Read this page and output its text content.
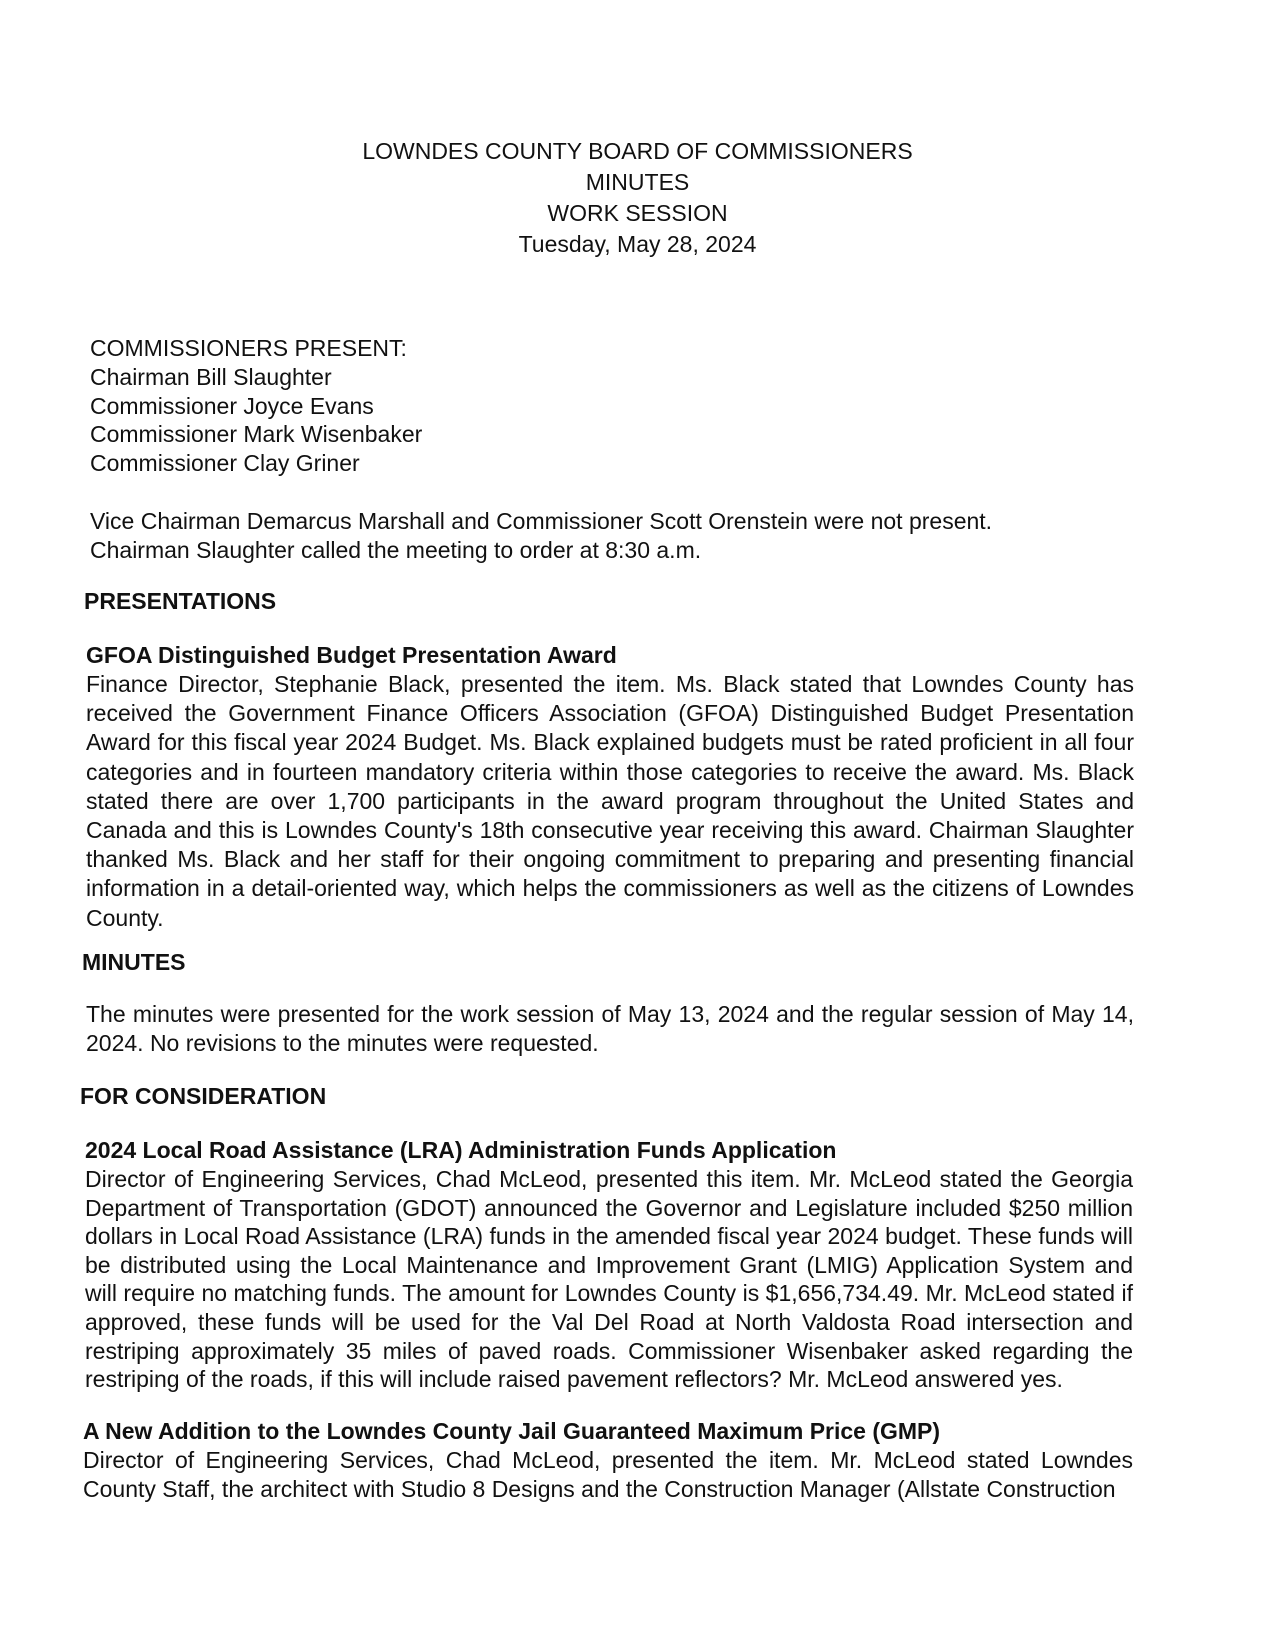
LOWNDES COUNTY BOARD OF COMMISSIONERS
MINUTES
WORK SESSION
Tuesday, May 28, 2024

COMMISSIONERS PRESENT:

Chairman Bill Slaughter

Commissioner Joyce Evans

Commissioner Mark Wisenbaker

Commissioner Clay Griner

Vice Chairman Demarcus Marshall and Commissioner Scott Orenstein were not present.

Chairman Slaughter called the meeting to order at 8:30 a.m.

PRESENTATIONS

GFOA Distinguished Budget Presentation Award

Finance Director, Stephanie Black, presented the item. Ms. Black stated that Lowndes County has received the Government Finance Officers Association (GFOA) Distinguished Budget Presentation Award for this fiscal year 2024 Budget. Ms. Black explained budgets must be rated proficient in all four categories and in fourteen mandatory criteria within those categories to receive the award. Ms. Black stated there are over 1,700 participants in the award program throughout the United States and Canada and this is Lowndes County's 18th consecutive year receiving this award. Chairman Slaughter thanked Ms. Black and her staff for their ongoing commitment to preparing and presenting financial information in a detail-oriented way, which helps the commissioners as well as the citizens of Lowndes County.

MINUTES

The minutes were presented for the work session of May 13, 2024 and the regular session of May 14, 2024. No revisions to the minutes were requested.

FOR CONSIDERATION

2024 Local Road Assistance (LRA) Administration Funds Application

Director of Engineering Services, Chad McLeod, presented this item. Mr. McLeod stated the Georgia Department of Transportation (GDOT) announced the Governor and Legislature included $250 million dollars in Local Road Assistance (LRA) funds in the amended fiscal year 2024 budget. These funds will be distributed using the Local Maintenance and Improvement Grant (LMIG) Application System and will require no matching funds. The amount for Lowndes County is $1,656,734.49. Mr. McLeod stated if approved, these funds will be used for the Val Del Road at North Valdosta Road intersection and restriping approximately 35 miles of paved roads. Commissioner Wisenbaker asked regarding the restriping of the roads, if this will include raised pavement reflectors? Mr. McLeod answered yes.

A New Addition to the Lowndes County Jail Guaranteed Maximum Price (GMP)

Director of Engineering Services, Chad McLeod, presented the item. Mr. McLeod stated Lowndes County Staff, the architect with Studio 8 Designs and the Construction Manager (Allstate Construction
